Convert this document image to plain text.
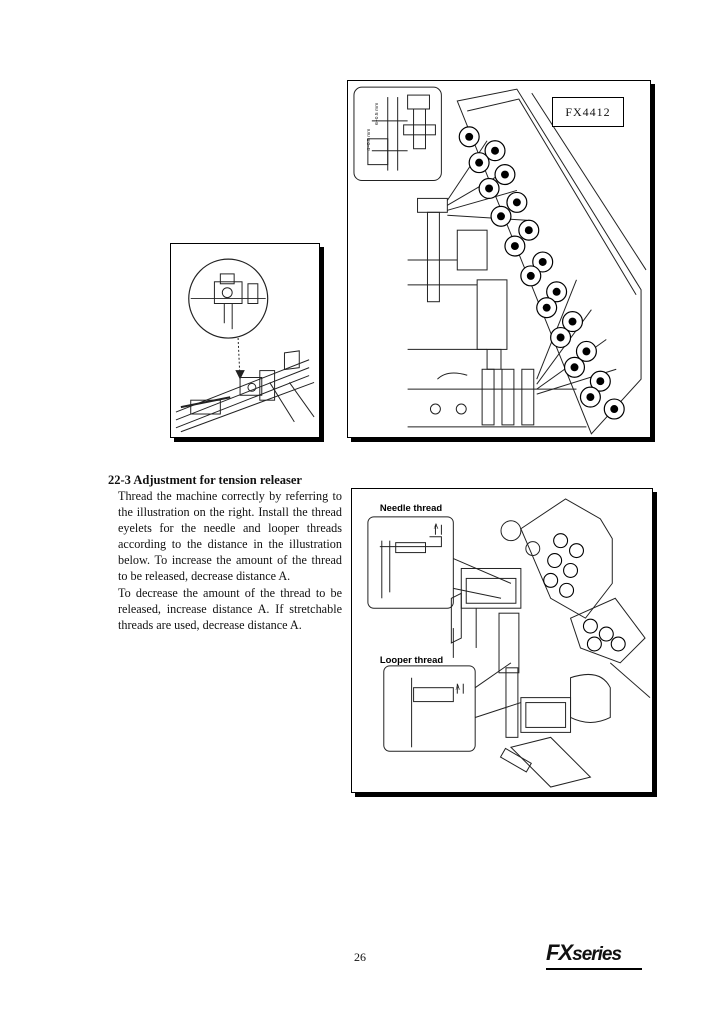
4~0.5 mm
6~0.5 mm	FX4412
22-3 Adjustment for tension releaser

Thread the machine correctly by referring to the illustration on the right. Install the thread eyelets for the needle and looper threads according to the distance in the illustration below. To increase the amount of the thread to be released, decrease distance A.

To decrease the amount of the thread to be released, increase distance A. If stretchable threads are used, decrease distance A.

Needle thread
Looper thread
A
A
26	FXseries
